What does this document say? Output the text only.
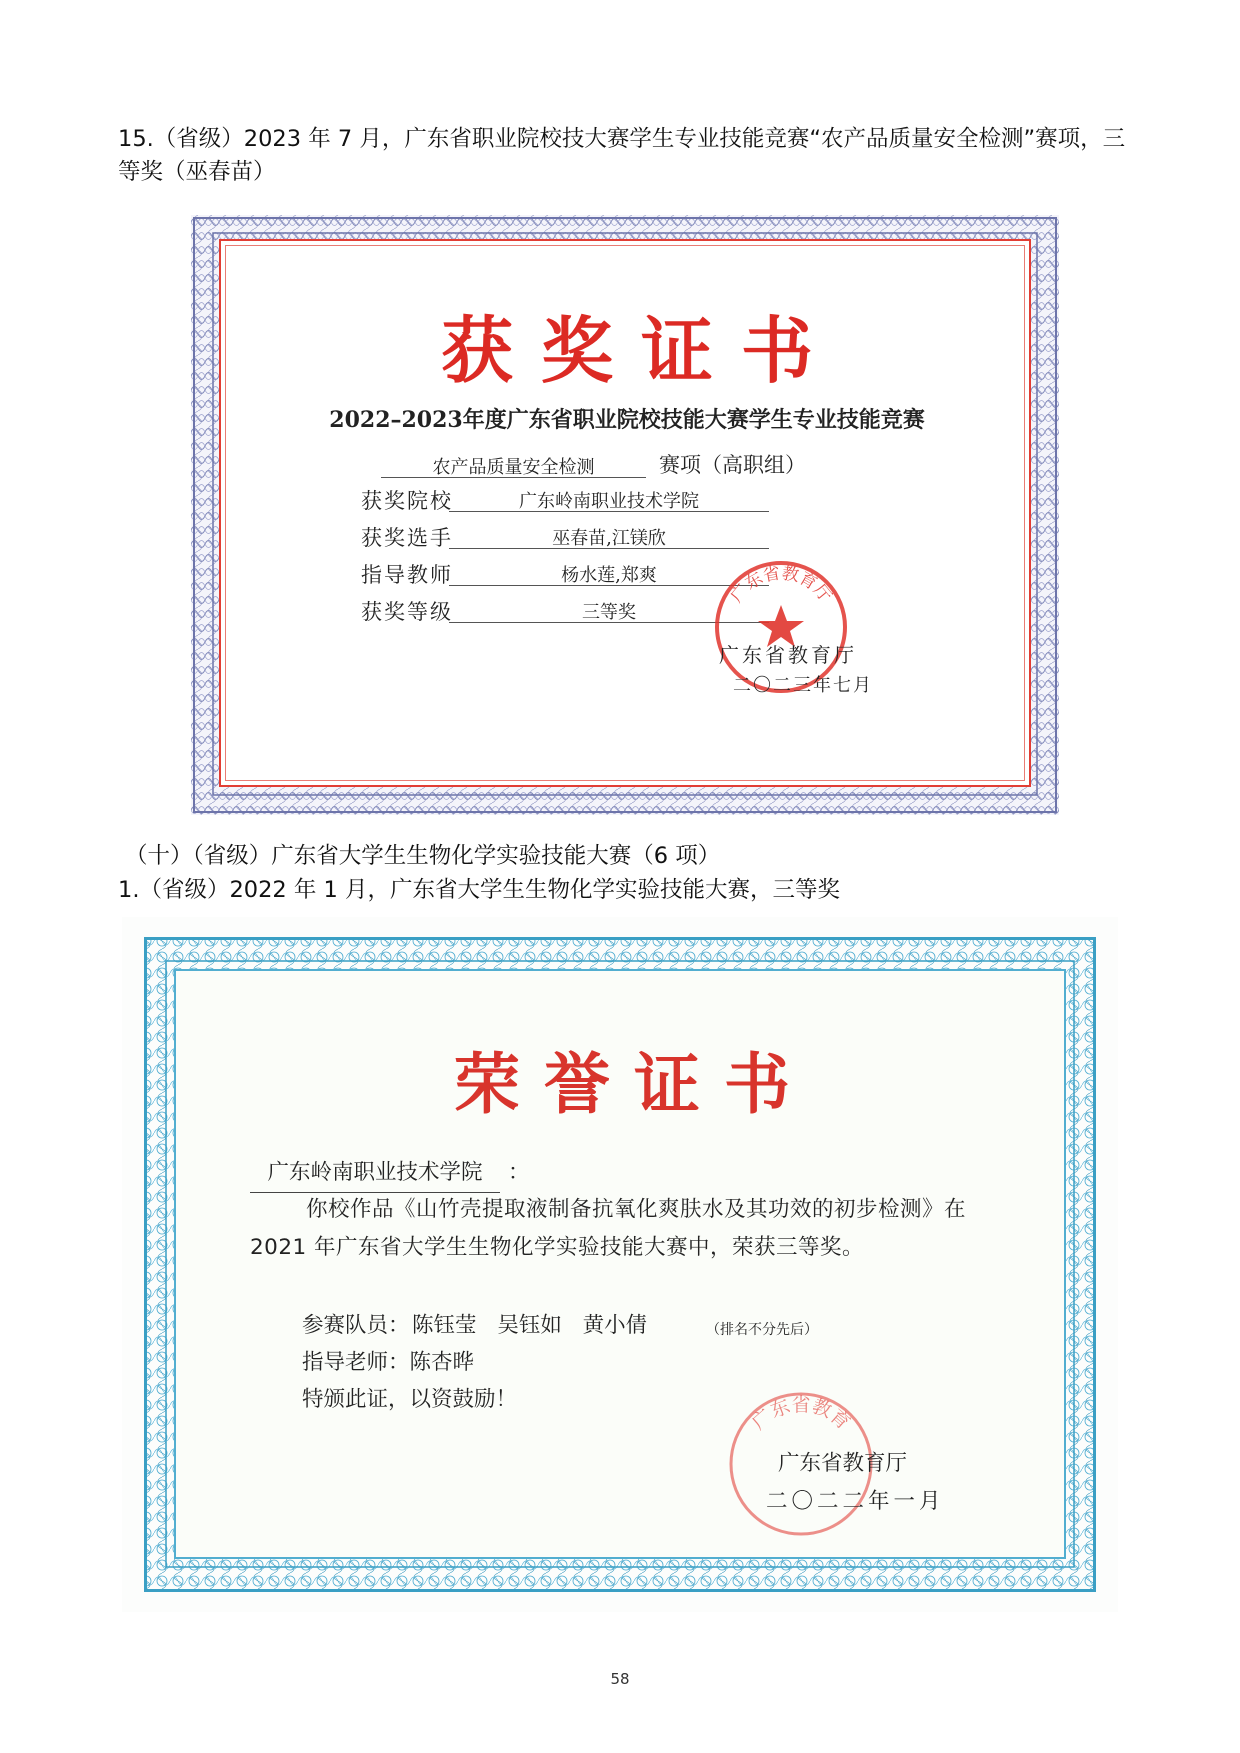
15.（省级）2023 年 7 月，广东省职业院校技大赛学生专业技能竞赛“农产品质量安全检测”赛项，三等奖（巫春苗）
获奖证书
2022–2023年度广东省职业院校技能大赛学生专业技能竞赛
农产品质量安全检测	赛项（高职组）
获奖院校	广东岭南职业技术学院
获奖选手	巫春苗,江镁欣
指导教师	杨水莲,郑爽
获奖等级	三等奖
广东省教育厅
广东省教育厅
二〇二三年七月
（十）（省级）广东省大学生生物化学实验技能大赛（6 项）
1.（省级）2022 年 1 月，广东省大学生生物化学实验技能大赛，三等奖
荣誉证书
广东岭南职业技术学院	：
你校作品《山竹壳提取液制备抗氧化爽肤水及其功效的初步检测》在 2021 年广东省大学生生物化学实验技能大赛中，荣获三等奖。
参赛队员： 陈钰莹 吴钰如 黄小倩	（排名不分先后）
指导老师：陈杏晔
特颁此证，以资鼓励！
广东省教育
广东省教育厅
二〇二二年一月
58
